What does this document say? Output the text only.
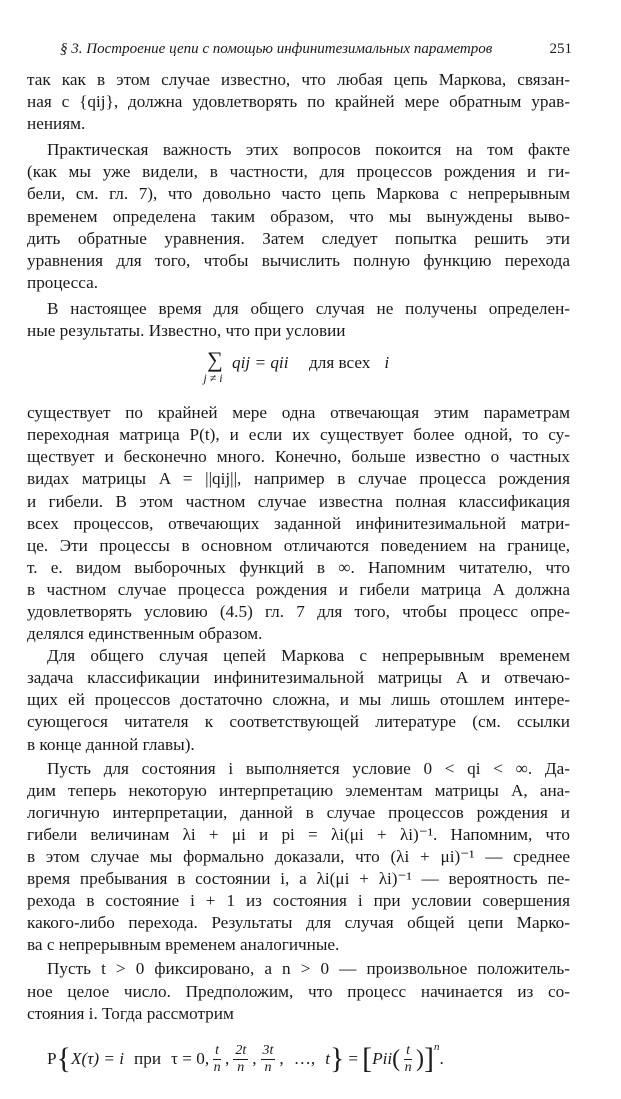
§ 3. Построение цепи с помощью инфинитезимальных параметров	251
так как в этом случае известно, что любая цепь Маркова, связан-
ная с {qij}, должна удовлетворять по крайней мере обратным урав-
нениям.
Практическая важность этих вопросов покоится на том факте
(как мы уже видели, в частности, для процессов рождения и ги-
бели, см. гл. 7), что довольно часто цепь Маркова с непрерывным
временем определена таким образом, что мы вынуждены выво-
дить обратные уравнения. Затем следует попытка решить эти
уравнения для того, чтобы вычислить полную функцию перехода
процесса.
В настоящее время для общего случая не получены определен-
ные результаты. Известно, что при условии
∑
j ≠ i
qij = qii для всех i
существует по крайней мере одна отвечающая этим параметрам
переходная матрица P(t), и если их существует более одной, то су-
ществует и бесконечно много. Конечно, больше известно о частных
видах матрицы A = ||qij||, например в случае процесса рождения
и гибели. В этом частном случае известна полная классификация
всех процессов, отвечающих заданной инфинитезимальной матри-
це. Эти процессы в основном отличаются поведением на границе,
т. е. видом выборочных функций в ∞. Напомним читателю, что
в частном случае процесса рождения и гибели матрица A должна
удовлетворять условию (4.5) гл. 7 для того, чтобы процесс опре-
делялся единственным образом.
Для общего случая цепей Маркова с непрерывным временем
задача классификации инфинитезимальной матрицы A и отвечаю-
щих ей процессов достаточно сложна, и мы лишь отошлем интере-
сующегося читателя к соответствующей литературе (см. ссылки
в конце данной главы).
Пусть для состояния i выполняется условие 0 < qi < ∞. Да-
дим теперь некоторую интерпретацию элементам матрицы A, ана-
логичную интерпретации, данной в случае процессов рождения и
гибели величинам λi + μi и pi = λi(μi + λi)⁻¹. Напомним, что
в этом случае мы формально доказали, что (λi + μi)⁻¹ — среднее
время пребывания в состоянии i, а λi(μi + λi)⁻¹ — вероятность пе-
рехода в состояние i + 1 из состояния i при условии совершения
какого-либо перехода. Результаты для случая общей цепи Марко-
ва с непрерывным временем аналогичные.
Пусть t > 0 фиксировано, а n > 0 — произвольное положитель-
ное целое число. Предположим, что процесс начинается из со-
стояния i. Тогда рассмотрим
P { X(τ) = i при τ = 0, $\frac{t}{n}$ , $\frac{2t}{n}$ , $\frac{3t}{n}$ , …, t } = [ Pii ( $\frac{t}{n}$ ) ]$^n$
.
